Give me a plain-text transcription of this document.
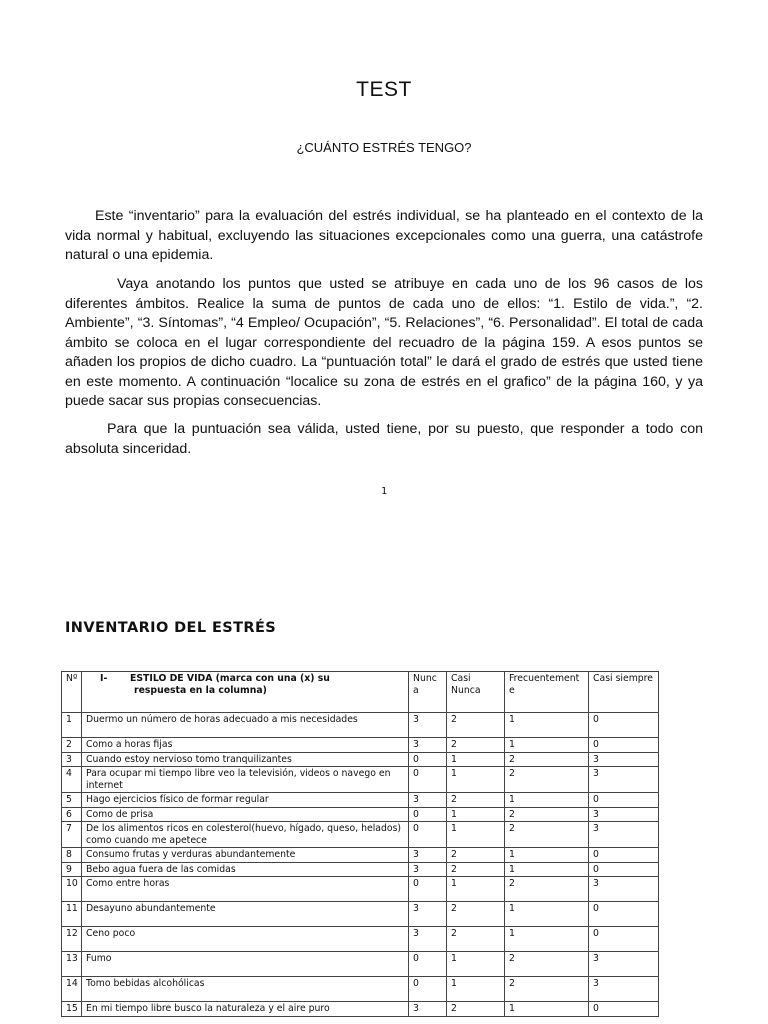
TEST
¿CUÁNTO ESTRÉS TENGO?

Este “inventario” para la evaluación del estrés individual, se ha planteado en el contexto de la vida normal y habitual, excluyendo las situaciones excepcionales como una guerra, una catástrofe natural o una epidemia.

Vaya anotando los puntos que usted se atribuye en cada uno de los 96 casos de los diferentes ámbitos. Realice la suma de puntos de cada uno de ellos: “1. Estilo de vida.”, “2. Ambiente”, “3. Síntomas”, “4 Empleo/ Ocupación”, “5. Relaciones”, “6. Personalidad”. El total de cada ámbito se coloca en el lugar correspondiente del recuadro de la página 159. A esos puntos se añaden los propios de dicho cuadro. La “puntuación total” le dará el grado de estrés que usted tiene en este momento. A continuación “localice su zona de estrés en el grafico” de la página 160, y ya puede sacar sus propias consecuencias.

Para que la puntuación sea válida, usted tiene, por su puesto, que responder a todo con absoluta sinceridad.

1
INVENTARIO DEL ESTRÉS
Nº	I- ESTILO DE VIDA (marca con una (x) su
respuesta en la columna)	Nunca	Casi Nunca	Frecuentemente	Casi siempre
1	Duermo un número de horas adecuado a mis necesidades	3	2	1	0
2	Como a horas fijas	3	2	1	0
3	Cuando estoy nervioso tomo tranquilizantes	0	1	2	3
4	Para ocupar mi tiempo libre veo la televisión, videos o navego en internet	0	1	2	3
5	Hago ejercicios físico de formar regular	3	2	1	0
6	Como de prisa	0	1	2	3
7	De los alimentos ricos en colesterol(huevo, hígado, queso, helados) como cuando me apetece	0	1	2	3
8	Consumo frutas y verduras abundantemente	3	2	1	0
9	Bebo agua fuera de las comidas	3	2	1	0
10	Como entre horas	0	1	2	3
11	Desayuno abundantemente	3	2	1	0
12	Ceno poco	3	2	1	0
13	Fumo	0	1	2	3
14	Tomo bebidas alcohólicas	0	1	2	3
15	En mi tiempo libre busco la naturaleza y el aire puro	3	2	1	0
